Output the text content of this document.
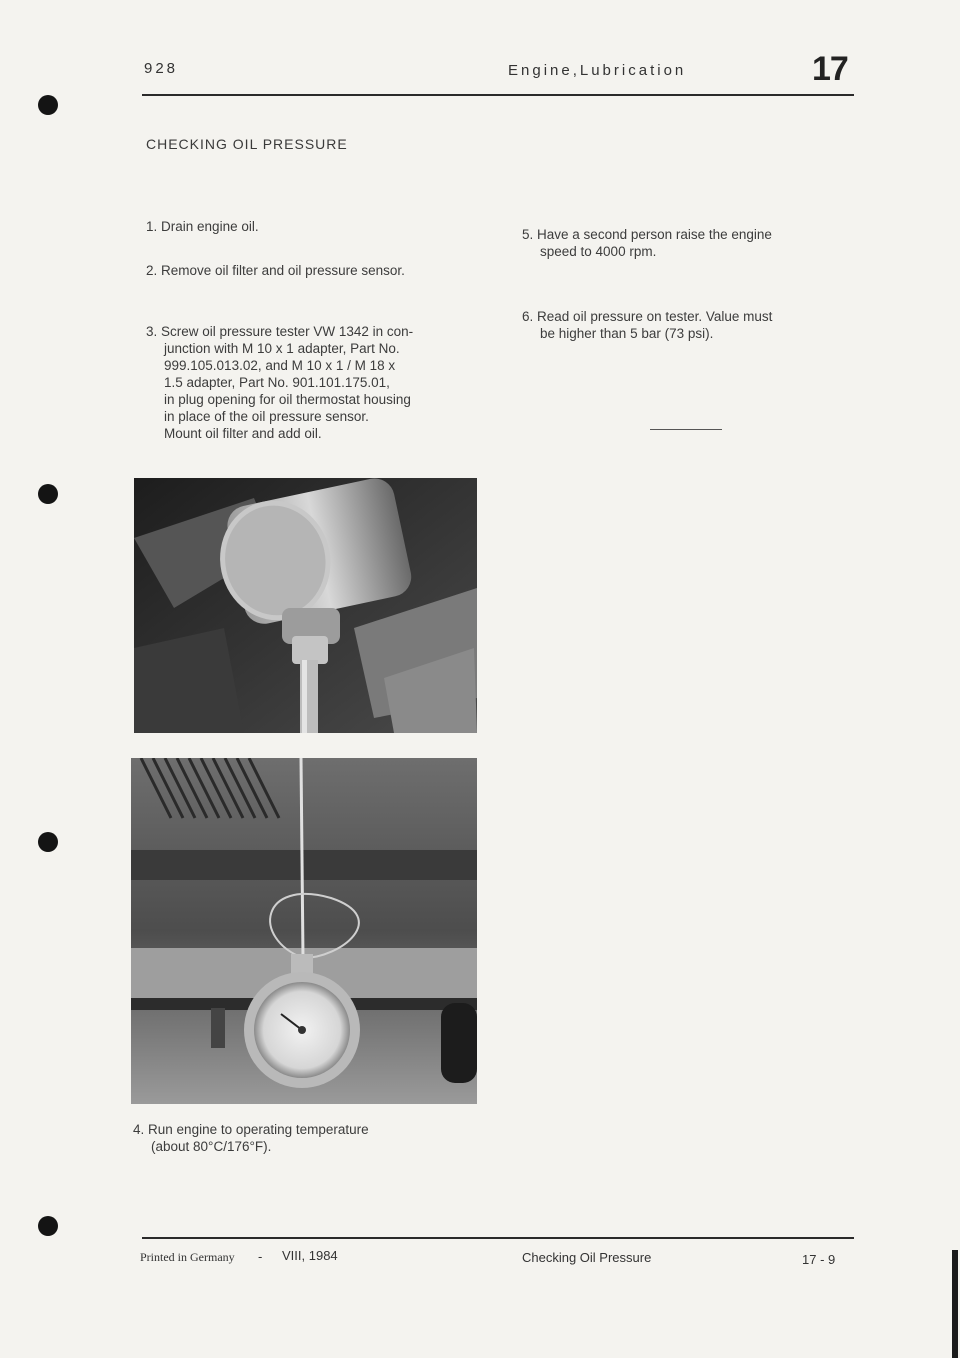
928	Engine,Lubrication	17
CHECKING OIL PRESSURE
1. Drain engine oil.
2. Remove oil filter and oil pressure sensor.
3. Screw oil pressure tester VW 1342 in con-
junction with M 10 x 1 adapter, Part No.
999.105.013.02, and M 10 x 1 / M 18 x
1.5 adapter, Part No. 901.101.175.01,
in plug opening for oil thermostat housing
in place of the oil pressure sensor.
Mount oil filter and add oil.
4. Run engine to operating temperature
(about 80°C/176°F).
5. Have a second person raise the engine
speed to 4000 rpm.
6. Read oil pressure on tester. Value must
be higher than 5 bar (73 psi).
Printed in Germany - VIII, 1984	Checking Oil Pressure	17 - 9
